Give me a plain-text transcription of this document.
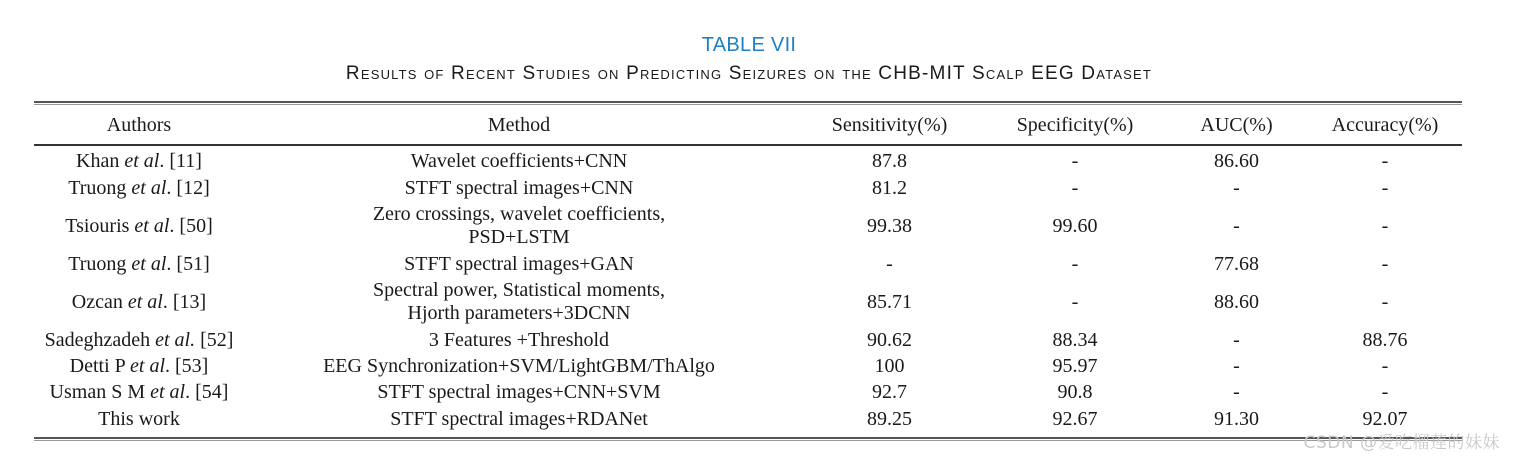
TABLE VII
Results of Recent Studies on Predicting Seizures on the CHB-MIT Scalp EEG Dataset
Authors	Method	Sensitivity(%)	Specificity(%)	AUC(%)	Accuracy(%)
Khan et al. [11]	Wavelet coefficients+CNN	87.8	-	86.60	-
Truong et al. [12]	STFT spectral images+CNN	81.2	-	-	-
Tsiouris et al. [50]	Zero crossings, wavelet coefficients,
PSD+LSTM	99.38	99.60	-	-
Truong et al. [51]	STFT spectral images+GAN	-	-	77.68	-
Ozcan et al. [13]	Spectral power, Statistical moments,
Hjorth parameters+3DCNN	85.71	-	88.60	-
Sadeghzadeh et al. [52]	3 Features +Threshold	90.62	88.34	-	88.76
Detti P et al. [53]	EEG Synchronization+SVM/LightGBM/ThAlgo	100	95.97	-	-
Usman S M et al. [54]	STFT spectral images+CNN+SVM	92.7	90.8	-	-
This work	STFT spectral images+RDANet	89.25	92.67	91.30	92.07
CSDN @爱吃榴莲的妹妹
